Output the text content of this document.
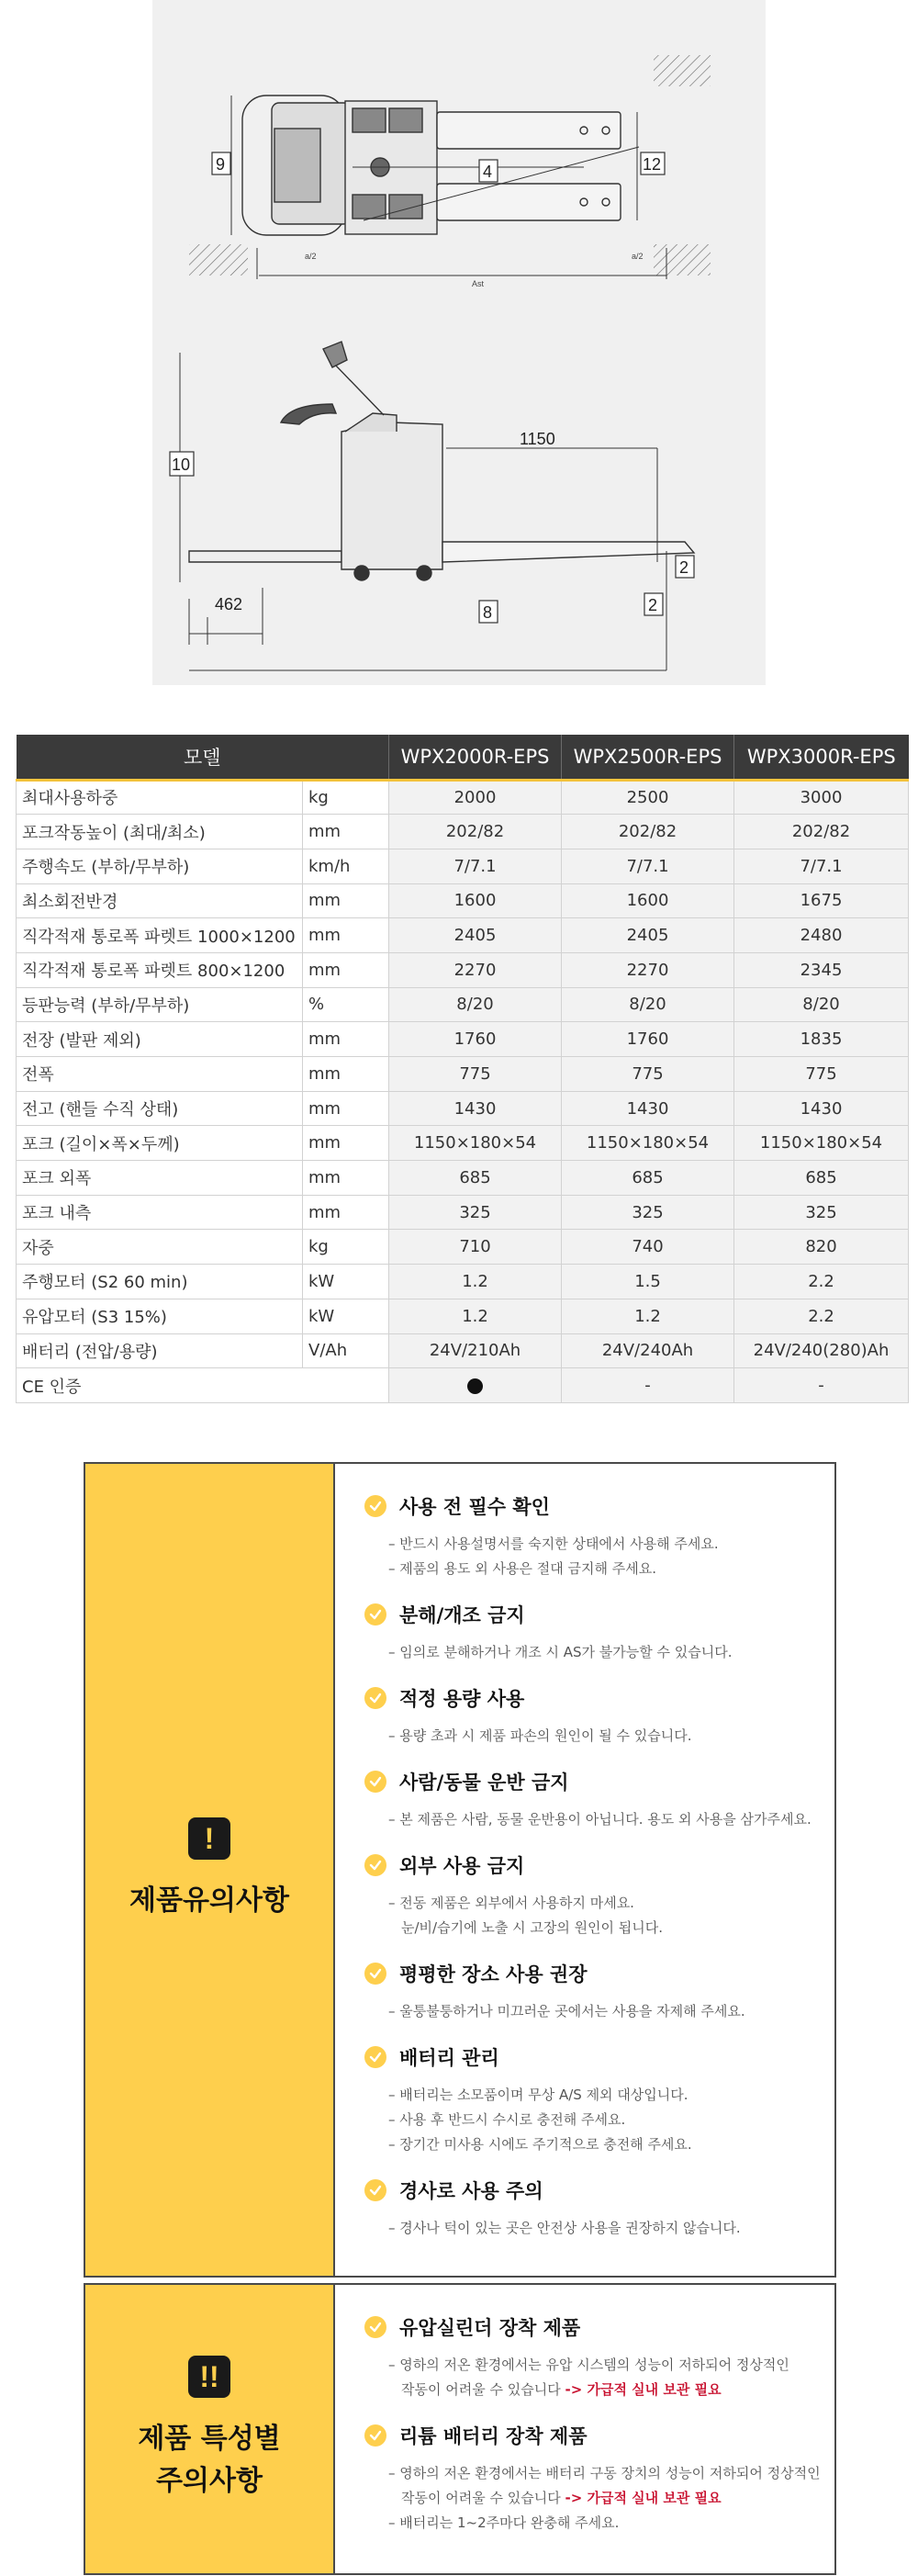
9	4	12
Ast
a/2	a/2
10
1150
2
2
462	8
모델		WPX2000R-EPS	WPX2500R-EPS	WPX3000R-EPS
최대사용하중	kg	2000	2500	3000
포크작동높이 (최대/최소)	mm	202/82	202/82	202/82
주행속도 (부하/무부하)	km/h	7/7.1	7/7.1	7/7.1
최소회전반경	mm	1600	1600	1675
직각적재 통로폭 파렛트 1000×1200	mm	2405	2405	2480
직각적재 통로폭 파렛트 800×1200	mm	2270	2270	2345
등판능력 (부하/무부하)	%	8/20	8/20	8/20
전장 (발판 제외)	mm	1760	1760	1835
전폭	mm	775	775	775
전고 (핸들 수직 상태)	mm	1430	1430	1430
포크 (길이×폭×두께)	mm	1150×180×54	1150×180×54	1150×180×54
포크 외폭	mm	685	685	685
포크 내측	mm	325	325	325
자중	kg	710	740	820
주행모터 (S2 60 min)	kW	1.2	1.5	2.2
유압모터 (S3 15%)	kW	1.2	1.2	2.2
배터리 (전압/용량)	V/Ah	24V/210Ah	24V/240Ah	24V/240(280)Ah
CE 인증			-	-
!
제품유의사항
사용 전 필수 확인
– 반드시 사용설명서를 숙지한 상태에서 사용해 주세요.
– 제품의 용도 외 사용은 절대 금지해 주세요.
분해/개조 금지
– 임의로 분해하거나 개조 시 AS가 불가능할 수 있습니다.
적정 용량 사용
– 용량 초과 시 제품 파손의 원인이 될 수 있습니다.
사람/동물 운반 금지
– 본 제품은 사람, 동물 운반용이 아닙니다. 용도 외 사용을 삼가주세요.
외부 사용 금지
– 전동 제품은 외부에서 사용하지 마세요.
눈/비/습기에 노출 시 고장의 원인이 됩니다.
평평한 장소 사용 권장
– 울퉁불퉁하거나 미끄러운 곳에서는 사용을 자제해 주세요.
배터리 관리
– 배터리는 소모품이며 무상 A/S 제외 대상입니다.
– 사용 후 반드시 수시로 충전해 주세요.
– 장기간 미사용 시에도 주기적으로 충전해 주세요.
경사로 사용 주의
– 경사나 턱이 있는 곳은 안전상 사용을 권장하지 않습니다.
!!
제품 특성별
주의사항
유압실린더 장착 제품
– 영하의 저온 환경에서는 유압 시스템의 성능이 저하되어 정상적인
작동이 어려울 수 있습니다 -> 가급적 실내 보관 필요
리튬 배터리 장착 제품
– 영하의 저온 환경에서는 배터리 구동 장치의 성능이 저하되어 정상적인
작동이 어려울 수 있습니다 -> 가급적 실내 보관 필요
– 배터리는 1~2주마다 완충해 주세요.
